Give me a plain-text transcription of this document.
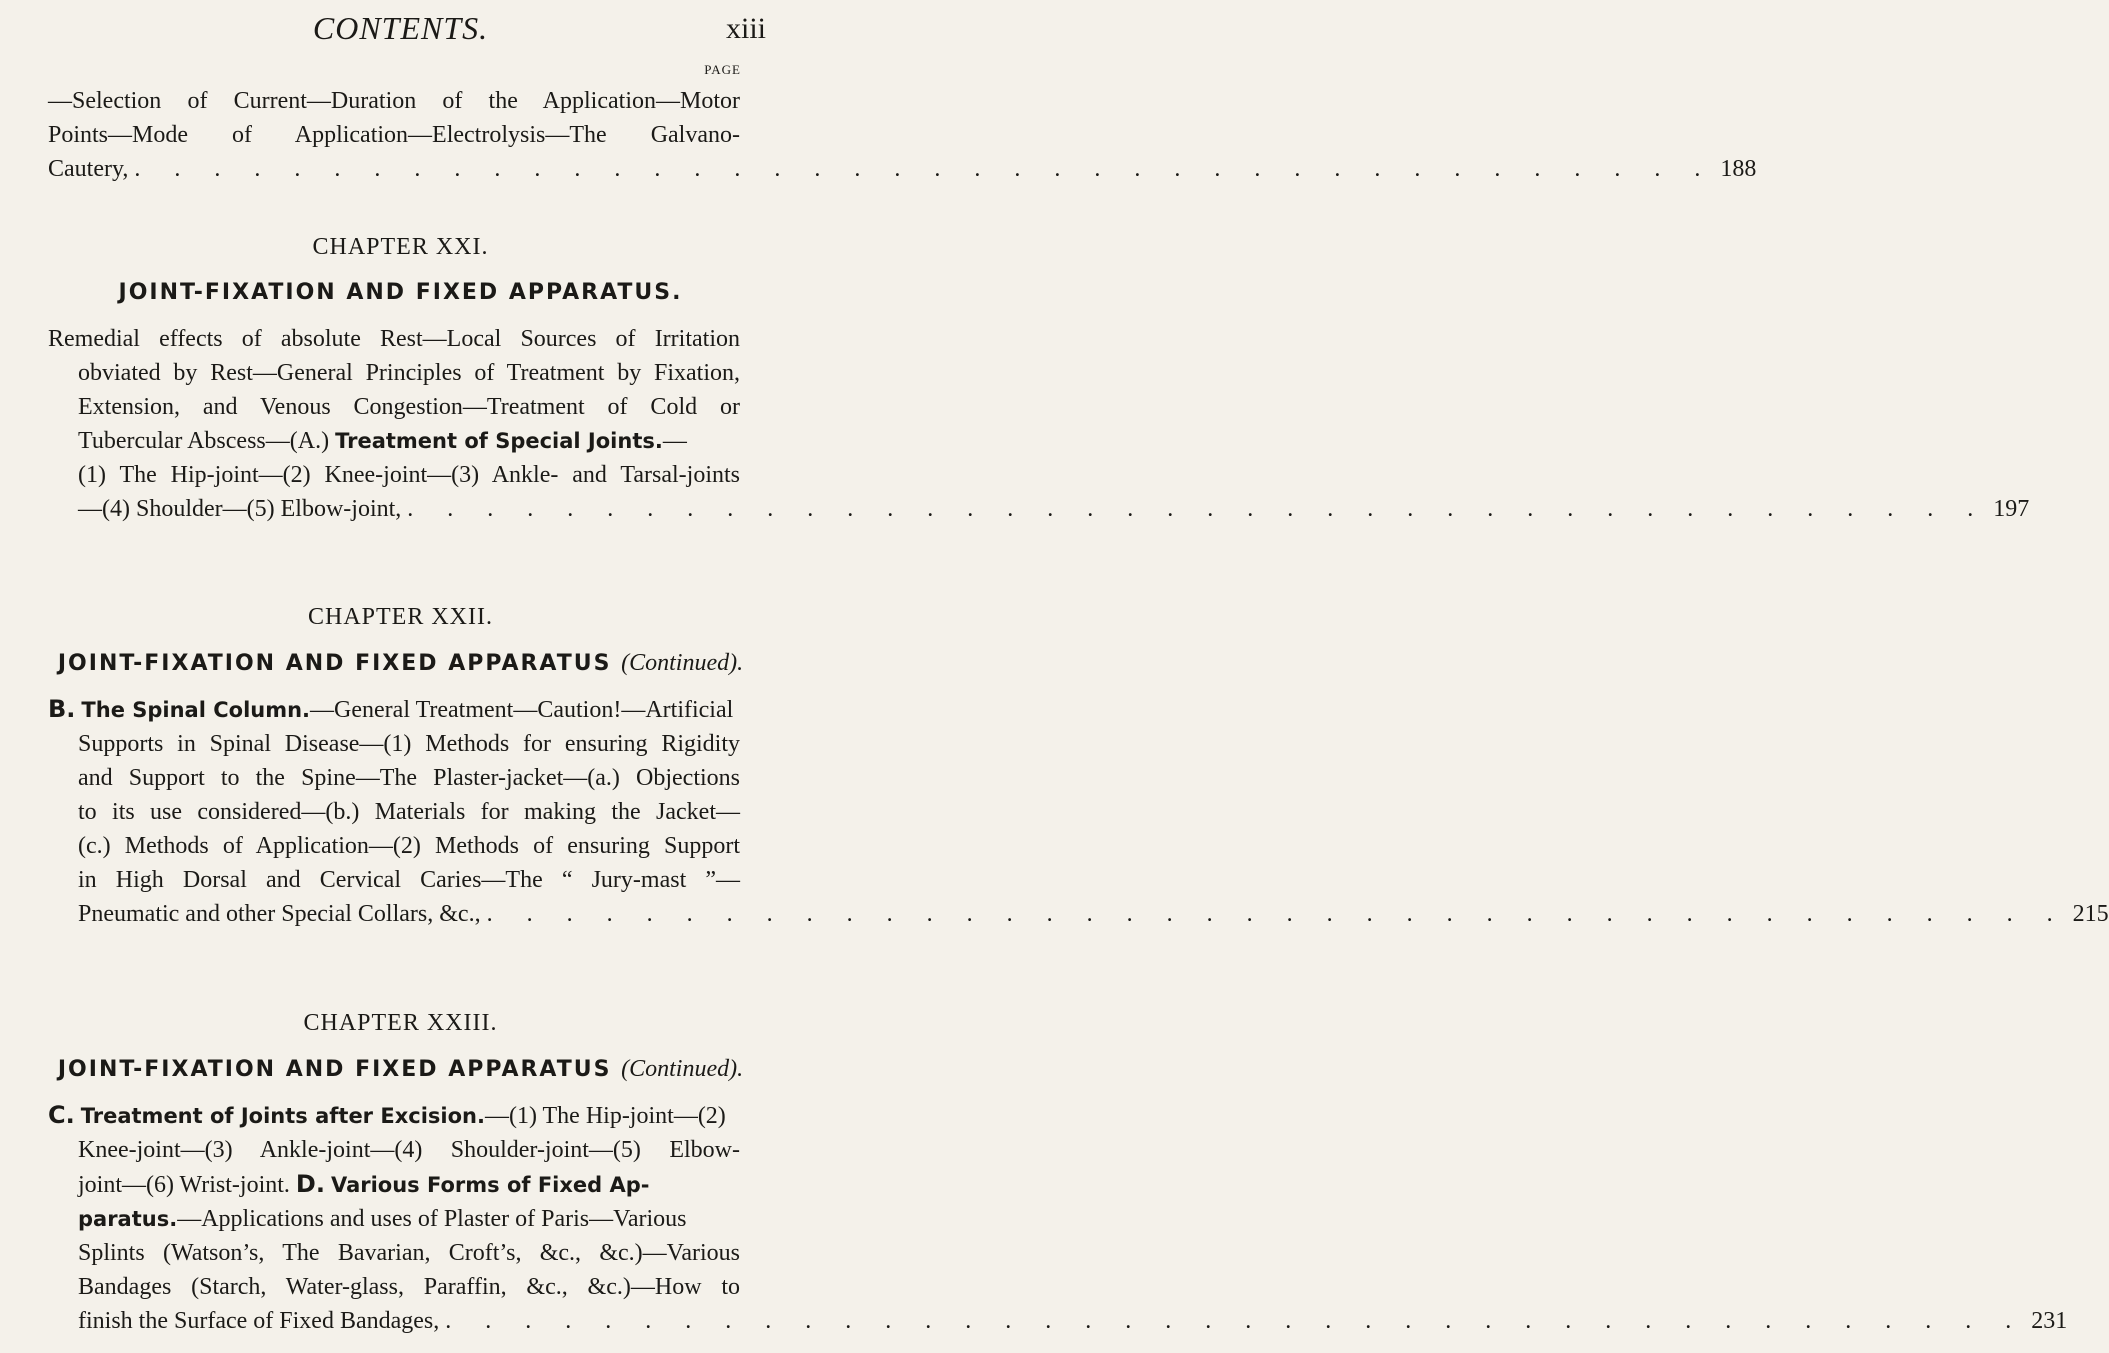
CONTENTS.	xiii
PAGE
—Selection of Current—Duration of the Application—Motor
Points—Mode of Application—Electrolysis—The Galvano-
Cautery, . . . . . . . . . . . . . . . . . . . . . . . . . . . . . . . . . . . . . . . . 188
CHAPTER XXI.
JOINT-FIXATION AND FIXED APPARATUS.
Remedial effects of absolute Rest—Local Sources of Irritation
obviated by Rest—General Principles of Treatment by Fixation,
Extension, and Venous Congestion—Treatment of Cold or
Tubercular Abscess—(A.) Treatment of Special Joints.—
(1) The Hip-joint—(2) Knee-joint—(3) Ankle- and Tarsal-joints
—(4) Shoulder—(5) Elbow-joint, . . . . . . . . . . . . . . . . . . . . . . . . . . . . . . . . . . . . . . . . 197
CHAPTER XXII.
JOINT-FIXATION AND FIXED APPARATUS (Continued).
B. The Spinal Column.—General Treatment—Caution!—Artificial
Supports in Spinal Disease—(1) Methods for ensuring Rigidity
and Support to the Spine—The Plaster-jacket—(a.) Objections
to its use considered—(b.) Materials for making the Jacket—
(c.) Methods of Application—(2) Methods of ensuring Support
in High Dorsal and Cervical Caries—The “ Jury-mast ”—
Pneumatic and other Special Collars, &c., . . . . . . . . . . . . . . . . . . . . . . . . . . . . . . . . . . . . . . . . 215
CHAPTER XXIII.
JOINT-FIXATION AND FIXED APPARATUS (Continued).
C. Treatment of Joints after Excision.—(1) The Hip-joint—(2)
Knee-joint—(3) Ankle-joint—(4) Shoulder-joint—(5) Elbow-
joint—(6) Wrist-joint. D. Various Forms of Fixed Ap-
paratus.—Applications and uses of Plaster of Paris—Various
Splints (Watson’s, The Bavarian, Croft’s, &c., &c.)—Various
Bandages (Starch, Water-glass, Paraffin, &c., &c.)—How to
finish the Surface of Fixed Bandages, . . . . . . . . . . . . . . . . . . . . . . . . . . . . . . . . . . . . . . . . 231
